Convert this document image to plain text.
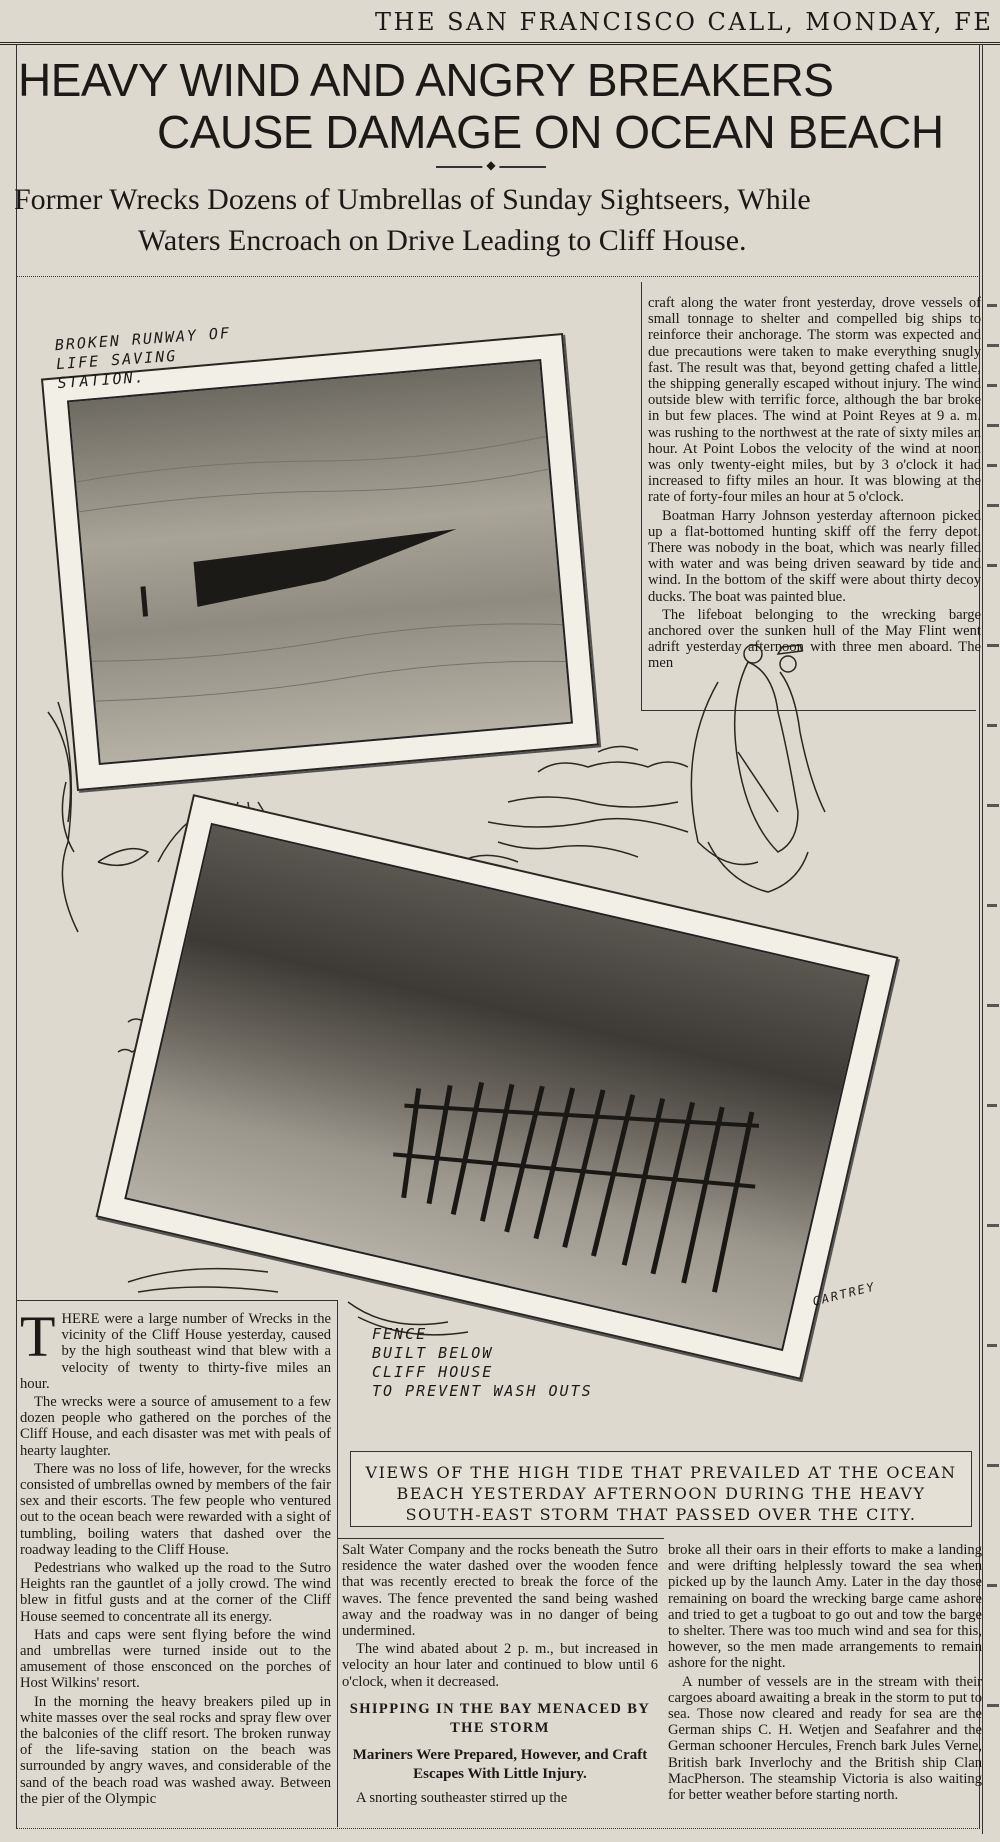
THE SAN FRANCISCO CALL, MONDAY, FE

HEAVY WIND AND ANGRY BREAKERS
CAUSE DAMAGE ON OCEAN BEACH
◆
Former Wrecks Dozens of Umbrellas of Sunday Sightseers, While
Waters Encroach on Drive Leading to Cliff House.

craft along the water front yesterday, drove vessels of small tonnage to shelter and compelled big ships to reinforce their anchorage. The storm was expected and due precautions were taken to make everything snugly fast. The result was that, beyond getting chafed a little, the shipping generally escaped without injury. The wind outside blew with terrific force, although the bar broke in but few places. The wind at Point Reyes at 9 a. m. was rushing to the northwest at the rate of sixty miles an hour. At Point Lobos the velocity of the wind at noon was only twenty-eight miles, but by 3 o'clock it had increased to fifty miles an hour. It was blowing at the rate of forty-four miles an hour at 5 o'clock.

Boatman Harry Johnson yesterday afternoon picked up a flat-bottomed hunting skiff off the ferry depot. There was nobody in the boat, which was nearly filled with water and was being driven seaward by tide and wind. In the bottom of the skiff were about thirty decoy ducks. The boat was painted blue.

The lifeboat belonging to the wrecking barge anchored over the sunken hull of the May Flint went adrift yesterday afternoon with three men aboard. The men

BROKEN RUNWAY OF
LIFE SAVING
STATION.
FENCE
BUILT BELOW
CLIFF HOUSE
TO PREVENT WASH OUTS
CARTREY
VIEWS OF THE HIGH TIDE THAT PREVAILED AT THE OCEAN BEACH YESTERDAY AFTERNOON DURING THE HEAVY SOUTH-EAST STORM THAT PASSED OVER THE CITY.

THERE were a large number of Wrecks in the vicinity of the Cliff House yesterday, caused by the high southeast wind that blew with a velocity of twenty to thirty-five miles an hour.

The wrecks were a source of amusement to a few dozen people who gathered on the porches of the Cliff House, and each disaster was met with peals of hearty laughter.

There was no loss of life, however, for the wrecks consisted of umbrellas owned by members of the fair sex and their escorts. The few people who ventured out to the ocean beach were rewarded with a sight of tumbling, boiling waters that dashed over the roadway leading to the Cliff House.

Pedestrians who walked up the road to the Sutro Heights ran the gauntlet of a jolly crowd. The wind blew in fitful gusts and at the corner of the Cliff House seemed to concentrate all its energy.

Hats and caps were sent flying before the wind and umbrellas were turned inside out to the amusement of those ensconced on the porches of Host Wilkins' resort.

In the morning the heavy breakers piled up in white masses over the seal rocks and spray flew over the balconies of the cliff resort. The broken runway of the life-saving station on the beach was surrounded by angry waves, and considerable of the sand of the beach road was washed away. Between the pier of the Olympic

Salt Water Company and the rocks beneath the Sutro residence the water dashed over the wooden fence that was recently erected to break the force of the waves. The fence prevented the sand being washed away and the roadway was in no danger of being undermined.

The wind abated about 2 p. m., but increased in velocity an hour later and continued to blow until 6 o'clock, when it decreased.

SHIPPING IN THE BAY MENACED BY THE STORM
Mariners Were Prepared, However, and Craft Escapes With Little Injury.

A snorting southeaster stirred up the

broke all their oars in their efforts to make a landing and were drifting helplessly toward the sea when picked up by the launch Amy. Later in the day those remaining on board the wrecking barge came ashore and tried to get a tugboat to go out and tow the barge to shelter. There was too much wind and sea for this, however, so the men made arrangements to remain ashore for the night.

A number of vessels are in the stream with their cargoes aboard awaiting a break in the storm to put to sea. Those now cleared and ready for sea are the German ships C. H. Wetjen and Seafahrer and the German schooner Hercules, French bark Jules Verne, British bark Inverlochy and the British ship Clan MacPherson. The steamship Victoria is also waiting for better weather before starting north.
